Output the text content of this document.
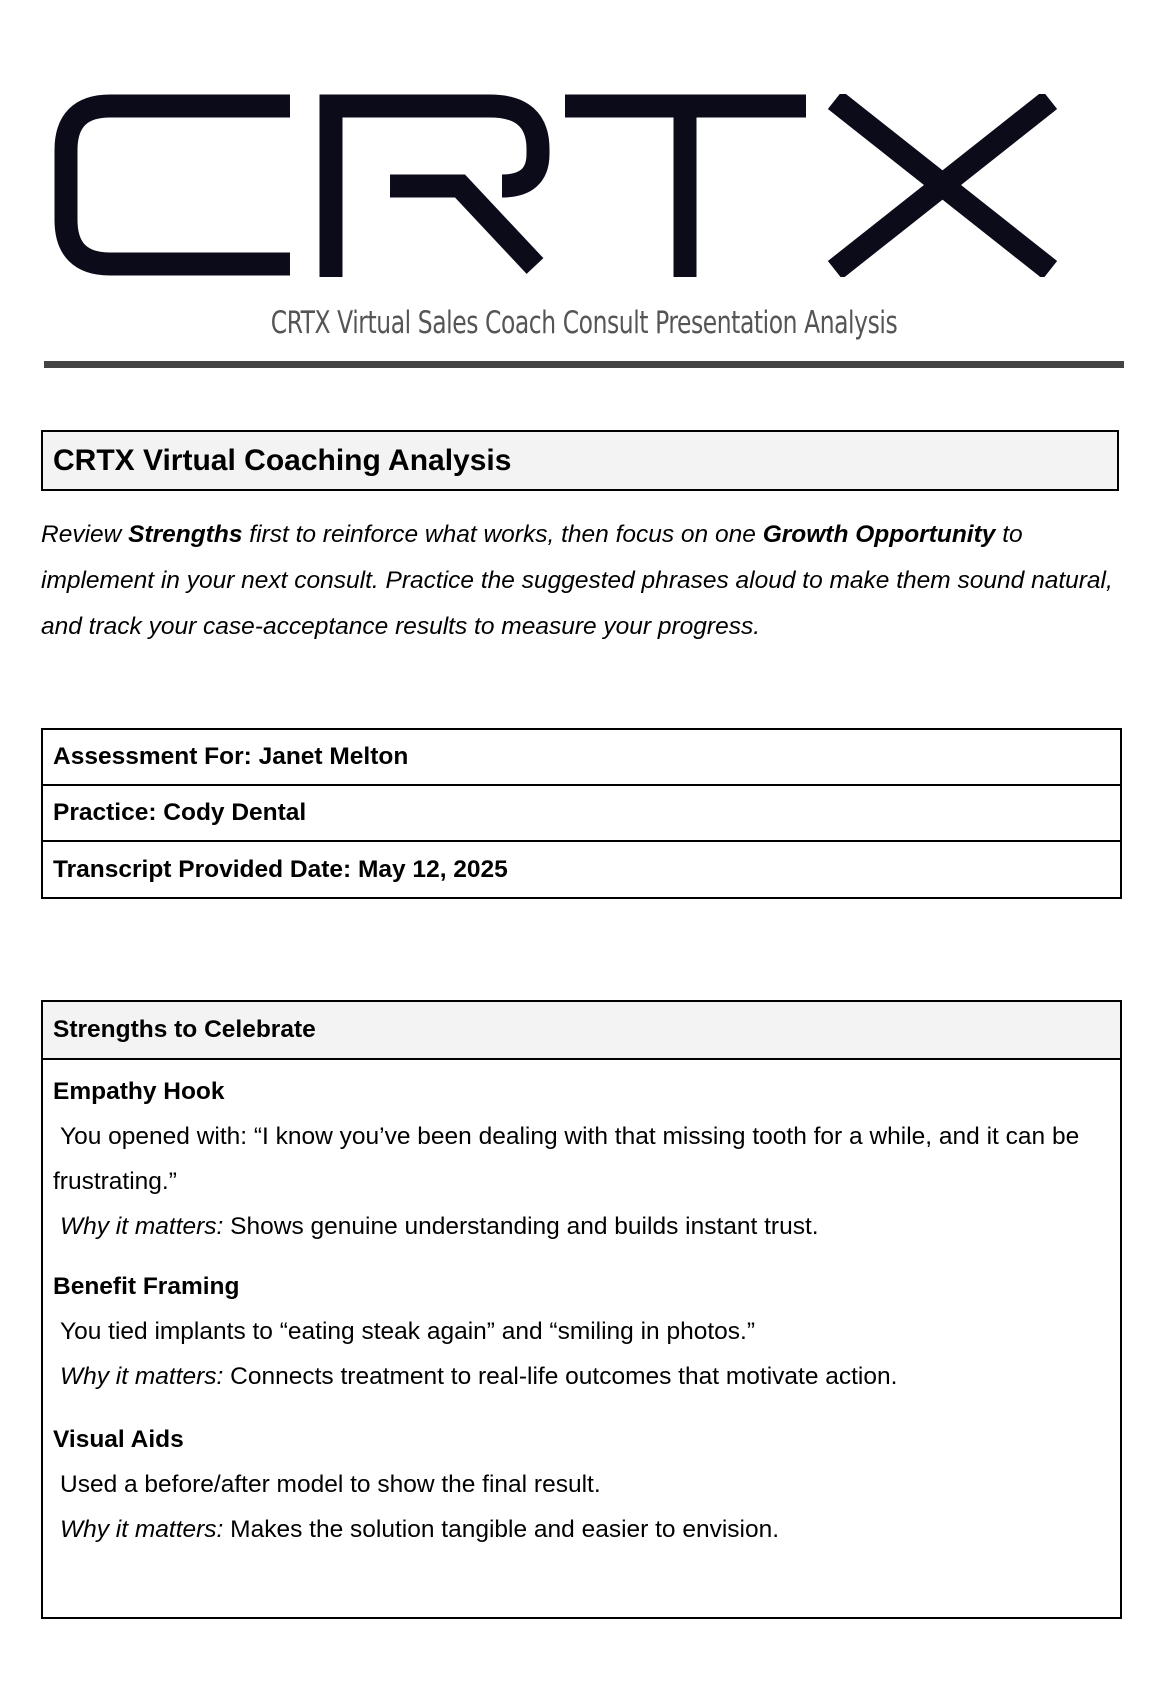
CRTX Virtual Sales Coach Consult Presentation Analysis
CRTX Virtual Coaching Analysis
Review Strengths first to reinforce what works, then focus on one Growth Opportunity to implement in your next consult. Practice the suggested phrases aloud to make them sound natural, and track your case-acceptance results to measure your progress.
Assessment For: Janet Melton
Practice: Cody Dental
Transcript Provided Date: May 12, 2025
Strengths to Celebrate
Empathy Hook
You opened with: “I know you’ve been dealing with that missing tooth for a while, and it can be frustrating.”
Why it matters: Shows genuine understanding and builds instant trust.
Benefit Framing
You tied implants to “eating steak again” and “smiling in photos.”
Why it matters: Connects treatment to real-life outcomes that motivate action.
Visual Aids
Used a before/after model to show the final result.
Why it matters: Makes the solution tangible and easier to envision.
